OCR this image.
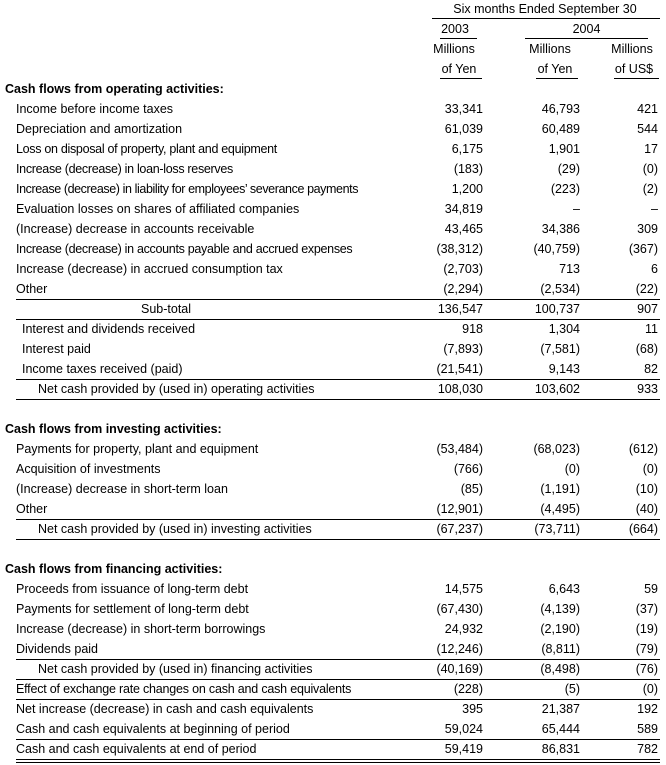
Six months Ended September 30
2003	2004
Millions	Millions	Millions
of Yen	of Yen	of US$
Cash flows from operating activities:
Income before income taxes	33,341	46,793	421
Depreciation and amortization	61,039	60,489	544
Loss on disposal of property, plant and equipment	6,175	1,901	17
Increase (decrease) in loan-loss reserves	(183)	(29)	(0)
Increase (decrease) in liability for employees’ severance payments	1,200	(223)	(2)
Evaluation losses on shares of affiliated companies	34,819	–	–
(Increase) decrease in accounts receivable	43,465	34,386	309
Increase (decrease) in accounts payable and accrued expenses	(38,312)	(40,759)	(367)
Increase (decrease) in accrued consumption tax	(2,703)	713	6
Other	(2,294)	(2,534)	(22)
Sub-total	136,547	100,737	907
Interest and dividends received	918	1,304	11
Interest paid	(7,893)	(7,581)	(68)
Income taxes received (paid)	(21,541)	9,143	82
Net cash provided by (used in) operating activities	108,030	103,602	933
Cash flows from investing activities:
Payments for property, plant and equipment	(53,484)	(68,023)	(612)
Acquisition of investments	(766)	(0)	(0)
(Increase) decrease in short-term loan	(85)	(1,191)	(10)
Other	(12,901)	(4,495)	(40)
Net cash provided by (used in) investing activities	(67,237)	(73,711)	(664)
Cash flows from financing activities:
Proceeds from issuance of long-term debt	14,575	6,643	59
Payments for settlement of long-term debt	(67,430)	(4,139)	(37)
Increase (decrease) in short-term borrowings	24,932	(2,190)	(19)
Dividends paid	(12,246)	(8,811)	(79)
Net cash provided by (used in) financing activities	(40,169)	(8,498)	(76)
Effect of exchange rate changes on cash and cash equivalents	(228)	(5)	(0)
Net increase (decrease) in cash and cash equivalents	395	21,387	192
Cash and cash equivalents at beginning of period	59,024	65,444	589
Cash and cash equivalents at end of period	59,419	86,831	782
